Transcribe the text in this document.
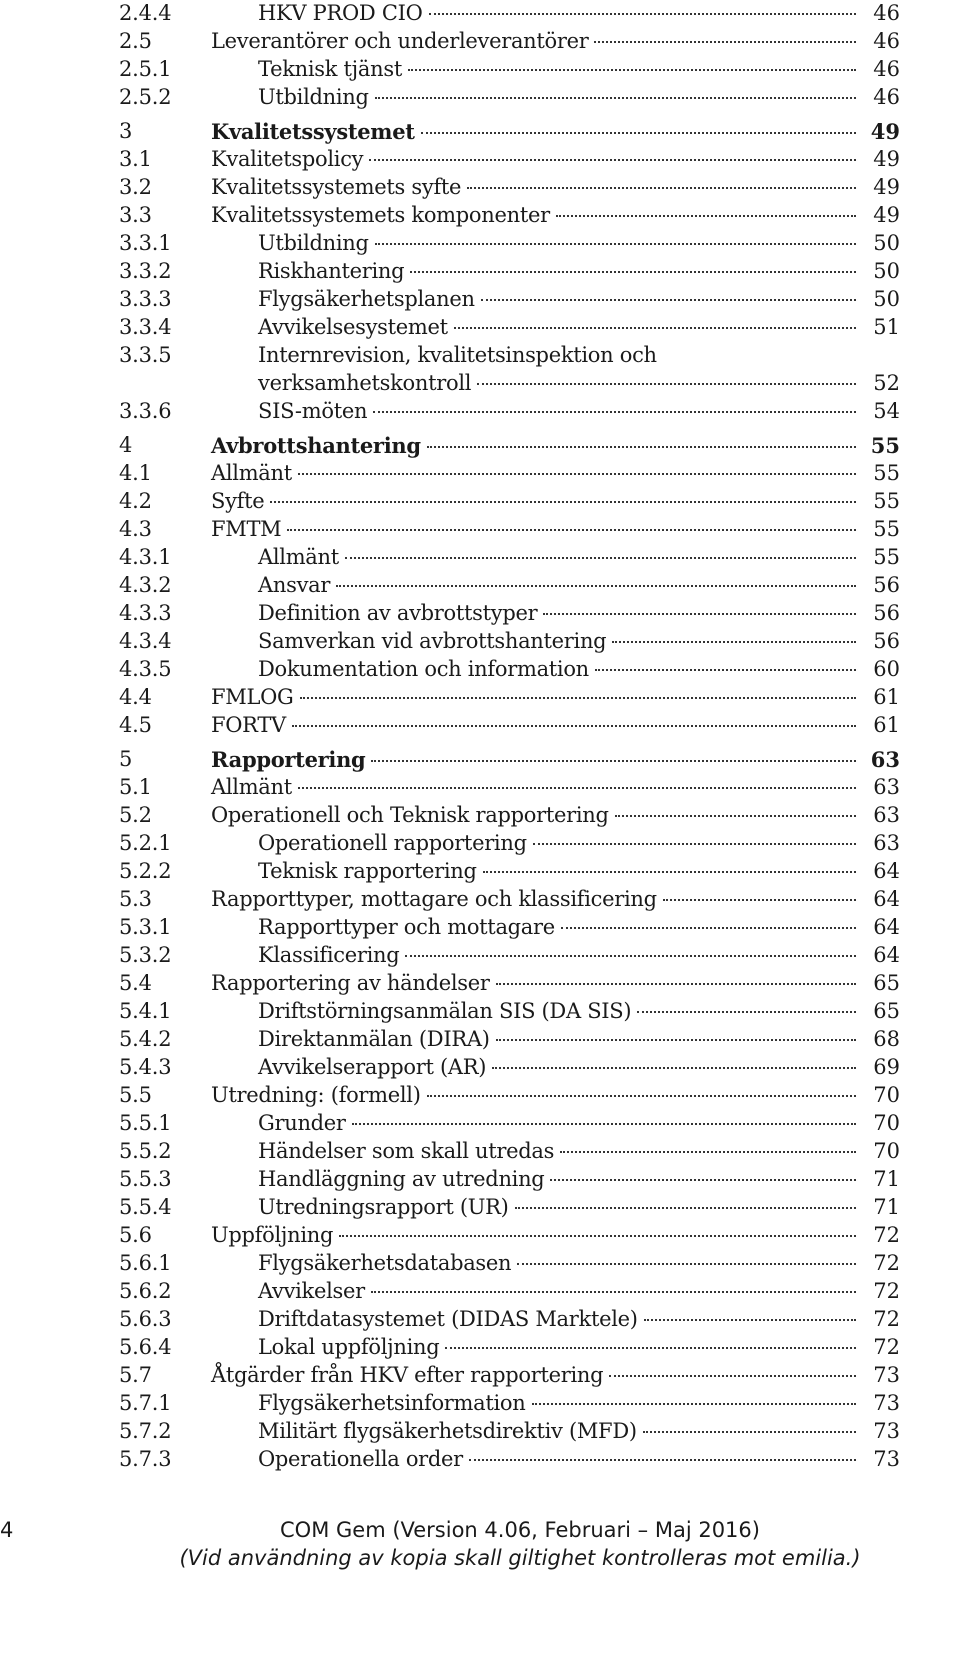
2.4.4	HKV PROD CIO	46
2.5	Leverantörer och underleverantörer	46
2.5.1	Teknisk tjänst	46
2.5.2	Utbildning	46
3	Kvalitetssystemet	49
3.1	Kvalitetspolicy	49
3.2	Kvalitetssystemets syfte	49
3.3	Kvalitetssystemets komponenter	49
3.3.1	Utbildning	50
3.3.2	Riskhantering	50
3.3.3	Flygsäkerhetsplanen	50
3.3.4	Avvikelsesystemet	51
3.3.5	Internrevision, kvalitetsinspektion och
verksamhetskontroll	52
3.3.6	SIS-möten	54
4	Avbrottshantering	55
4.1	Allmänt	55
4.2	Syfte	55
4.3	FMTM	55
4.3.1	Allmänt	55
4.3.2	Ansvar	56
4.3.3	Definition av avbrottstyper	56
4.3.4	Samverkan vid avbrottshantering	56
4.3.5	Dokumentation och information	60
4.4	FMLOG	61
4.5	FORTV	61
5	Rapportering	63
5.1	Allmänt	63
5.2	Operationell och Teknisk rapportering	63
5.2.1	Operationell rapportering	63
5.2.2	Teknisk rapportering	64
5.3	Rapporttyper, mottagare och klassificering	64
5.3.1	Rapporttyper och mottagare	64
5.3.2	Klassificering	64
5.4	Rapportering av händelser	65
5.4.1	Driftstörningsanmälan SIS (DA SIS)	65
5.4.2	Direktanmälan (DIRA)	68
5.4.3	Avvikelserapport (AR)	69
5.5	Utredning: (formell)	70
5.5.1	Grunder	70
5.5.2	Händelser som skall utredas	70
5.5.3	Handläggning av utredning	71
5.5.4	Utredningsrapport (UR)	71
5.6	Uppföljning	72
5.6.1	Flygsäkerhetsdatabasen	72
5.6.2	Avvikelser	72
5.6.3	Driftdatasystemet (DIDAS Marktele)	72
5.6.4	Lokal uppföljning	72
5.7	Åtgärder från HKV efter rapportering	73
5.7.1	Flygsäkerhetsinformation	73
5.7.2	Militärt flygsäkerhetsdirektiv (MFD)	73
5.7.3	Operationella order	73
4	COM Gem (Version 4.06, Februari – Maj 2016)
(Vid användning av kopia skall giltighet kontrolleras mot emilia.)
